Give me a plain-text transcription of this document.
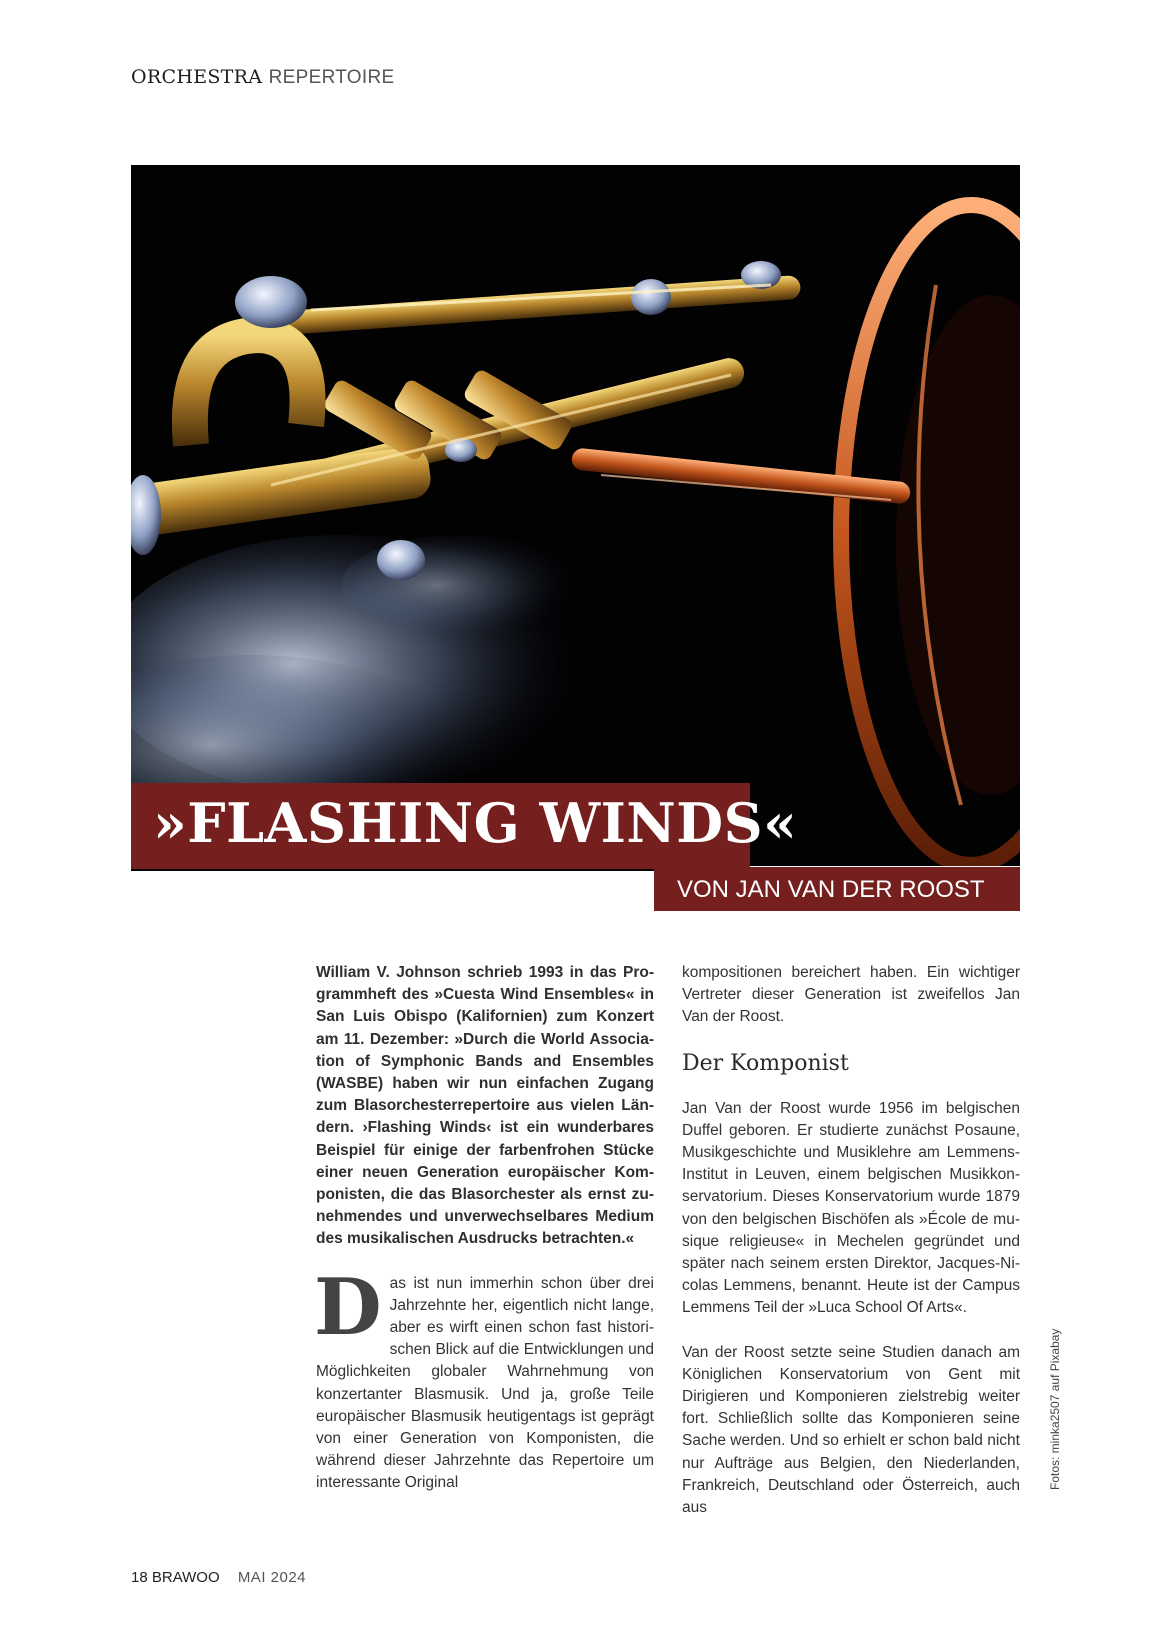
ORCHESTRA REPERTOIRE
»FLASHING WINDS«
VON JAN VAN DER ROOST

William V. Johnson schrieb 1993 in das Programmheft des »Cuesta Wind Ensembles« in San Luis Obispo (Kalifornien) zum Konzert am 11. Dezember: »Durch die World Association of Symphonic Bands and Ensembles (WASBE) haben wir nun einfachen Zugang zum Blasorchesterrepertoire aus vielen Ländern. ›Flashing Winds‹ ist ein wunderbares Beispiel für einige der farbenfrohen Stücke einer neuen Generation europäischer Komponisten, die das Blasorchester als ernst zunehmendes und unverwechselbares Medium des musikalischen Ausdrucks betrachten.«

D as ist nun immerhin schon über drei Jahrzehnte her, eigentlich nicht lange, aber es wirft einen schon fast historischen Blick auf die Entwicklungen und Möglichkeiten globaler Wahrnehmung von konzertanter Blasmusik. Und ja, große Teile europäischer Blasmusik heutigentags ist geprägt von einer Generation von Komponisten, die während dieser Jahrzehnte das Repertoire um interessante Original

kompositionen bereichert haben. Ein wichtiger Vertreter dieser Generation ist zweifellos Jan Van der Roost.

Der Komponist

Jan Van der Roost wurde 1956 im belgischen Duffel geboren. Er studierte zunächst Posaune, Musikgeschichte und Musiklehre am Lemmens-Institut in Leuven, einem belgischen Musikkonservatorium. Dieses Konservatorium wurde 1879 von den belgischen Bischöfen als »École de musique religieuse« in Mechelen gegründet und später nach seinem ersten Direktor, Jacques-Nicolas Lemmens, benannt. Heute ist der Campus Lemmens Teil der »Luca School Of Arts«.

Van der Roost setzte seine Studien danach am Königlichen Konservatorium von Gent mit Dirigieren und Komponieren zielstrebig weiter fort. Schließlich sollte das Komponieren seine Sache werden. Und so erhielt er schon bald nicht nur Aufträge aus Belgien, den Niederlanden, Frankreich, Deutschland oder Österreich, auch aus

Fotos: minka2507 auf Pixabay
18 BRAWOO MAI 2024
